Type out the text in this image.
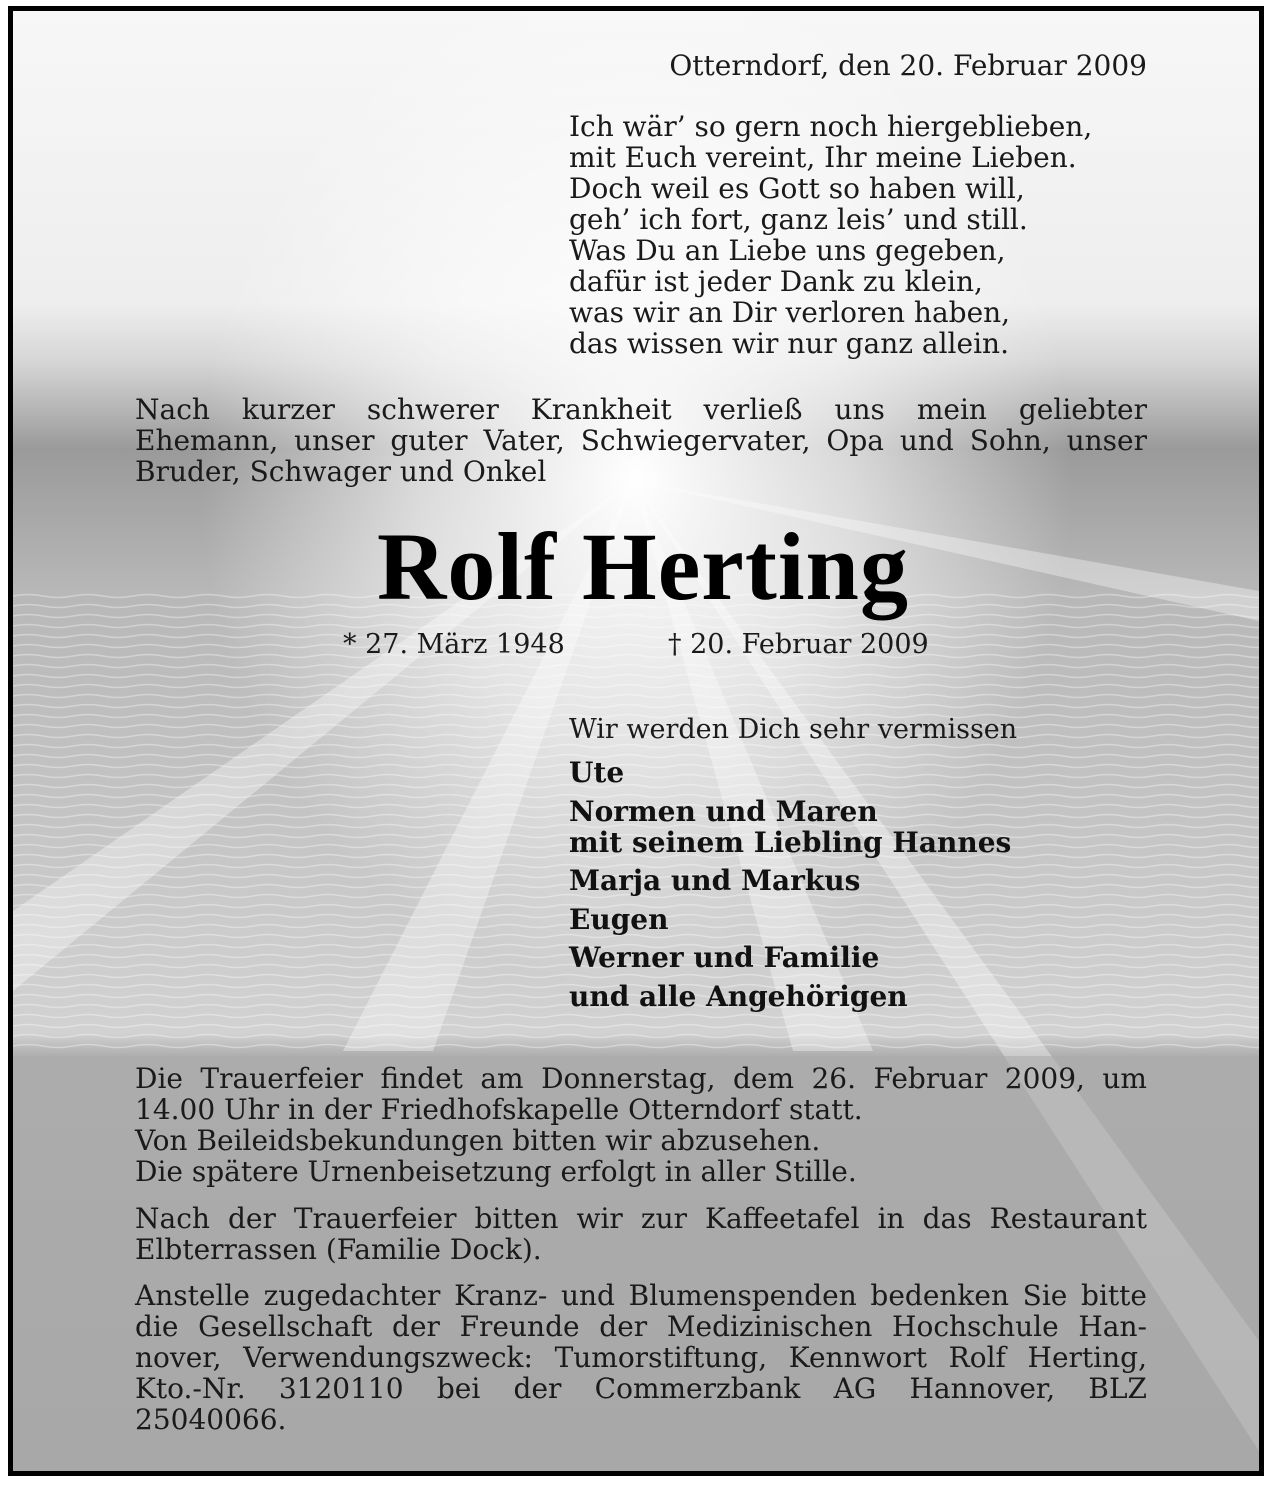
Otterndorf, den 20. Februar 2009
Ich wär’ so gern noch hiergeblieben,
mit Euch vereint, Ihr meine Lieben.
Doch weil es Gott so haben will,
geh’ ich fort, ganz leis’ und still.
Was Du an Liebe uns gegeben,
dafür ist jeder Dank zu klein,
was wir an Dir verloren haben,
das wissen wir nur ganz allein.
Nach kurzer schwerer Krankheit verließ uns mein geliebter
Ehemann, unser guter Vater, Schwiegervater, Opa und Sohn, unser
Bruder, Schwager und Onkel
Rolf Herting
* 27. März 1948	† 20. Februar 2009
Wir werden Dich sehr vermissen
Ute
Normen und Maren
mit seinem Liebling Hannes
Marja und Markus
Eugen
Werner und Familie
und alle Angehörigen
Die Trauerfeier findet am Donnerstag, dem 26. Februar 2009, um
14.00 Uhr in der Friedhofskapelle Otterndorf statt.
Von Beileidsbekundungen bitten wir abzusehen.
Die spätere Urnenbeisetzung erfolgt in aller Stille.
Nach der Trauerfeier bitten wir zur Kaffeetafel in das Restaurant
Elbterrassen (Familie Dock).
Anstelle zugedachter Kranz- und Blumenspenden bedenken Sie bitte
die Gesellschaft der Freunde der Medizinischen Hochschule Han-
nover, Verwendungszweck: Tumorstiftung, Kennwort Rolf Herting,
Kto.-Nr. 3120110 bei der Commerzbank AG Hannover, BLZ
25040066.
